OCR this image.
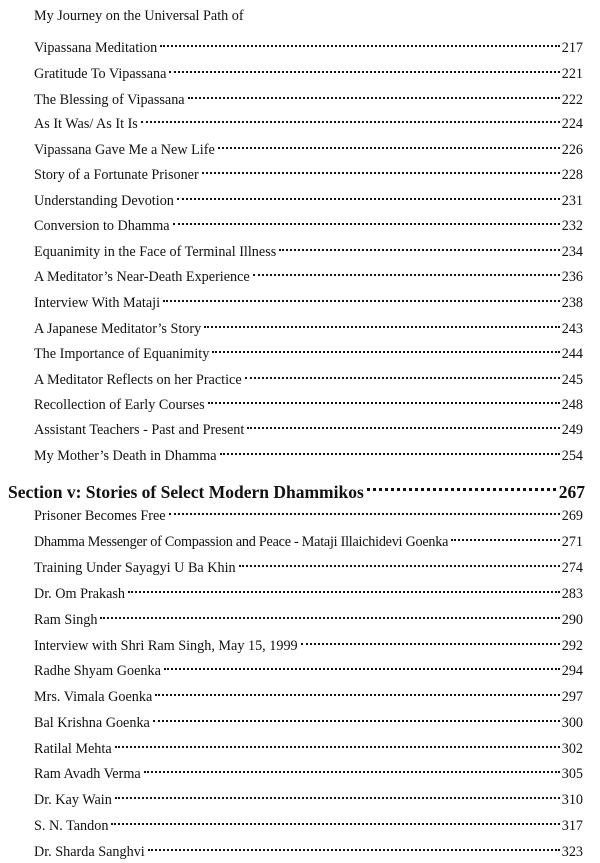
My Journey on the Universal Path of
Vipassana Meditation	217
Gratitude To Vipassana	221
The Blessing of Vipassana	222
As It Was/ As It Is	224
Vipassana Gave Me a New Life	226
Story of a Fortunate Prisoner	228
Understanding Devotion	231
Conversion to Dhamma	232
Equanimity in the Face of Terminal Illness	234
A Meditator’s Near-Death Experience	236
Interview With Mataji	238
A Japanese Meditator’s Story	243
The Importance of Equanimity	244
A Meditator Reflects on her Practice	245
Recollection of Early Courses	248
Assistant Teachers - Past and Present	249
My Mother’s Death in Dhamma	254
Section v: Stories of Select Modern Dhammikos	267
Prisoner Becomes Free	269
Dhamma Messenger of Compassion and Peace - Mataji Illaichidevi Goenka	271
Training Under Sayagyi U Ba Khin	274
Dr. Om Prakash	283
Ram Singh	290
Interview with Shri Ram Singh, May 15, 1999	292
Radhe Shyam Goenka	294
Mrs. Vimala Goenka	297
Bal Krishna Goenka	300
Ratilal Mehta	302
Ram Avadh Verma	305
Dr. Kay Wain	310
S. N. Tandon	317
Dr. Sharda Sanghvi	323
